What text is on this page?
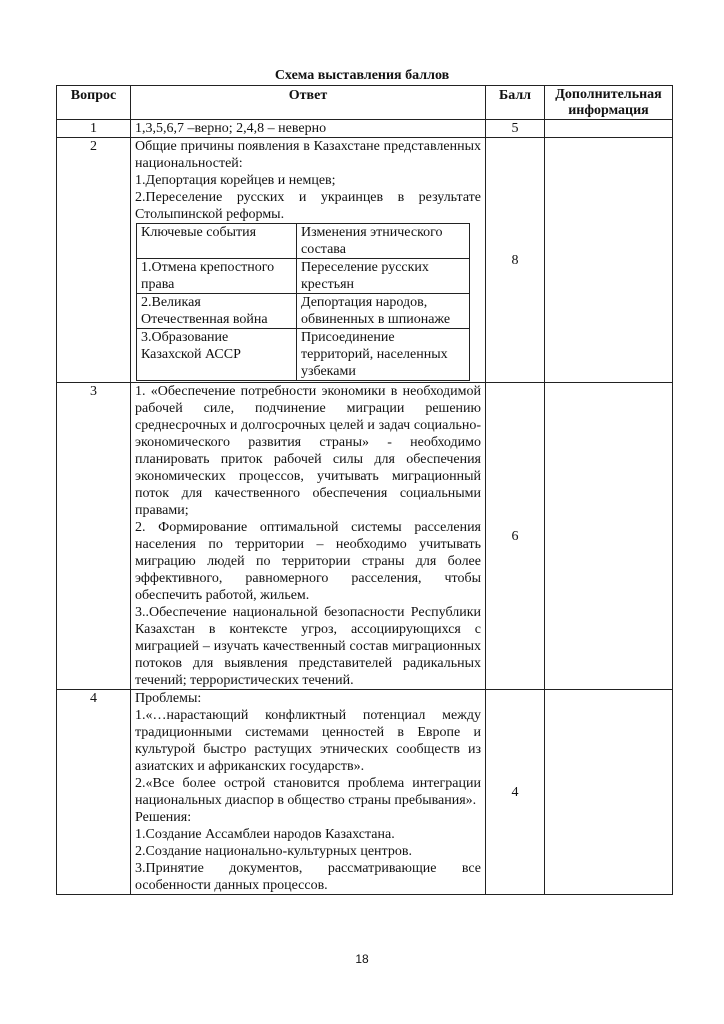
Схема выставления баллов
Вопрос	Ответ	Балл	Дополнительная информация
1	1,3,5,6,7 –верно; 2,4,8 – неверно	5	
2	Общие причины появления в Казахстане представленных национальностей:
1.Депортация корейцев и немцев;
2.Переселение русских и украинцев в результате Столыпинской реформы.
Ключевые события	Изменения этнического состава
1.Отмена крепостного права	Переселение русских крестьян
2.Великая Отечественная война	Депортация народов, обвиненных в шпионаже
3.Образование Казахской АССР	Присоединение территорий, населенных узбеками
	8	
3	1. «Обеспечение потребности экономики в необходимой рабочей силе, подчинение миграции решению среднесрочных и долгосрочных целей и задач социально-экономического развития страны» - необходимо планировать приток рабочей силы для обеспечения экономических процессов, учитывать миграционный поток для качественного обеспечения социальными правами;

2. Формирование оптимальной системы расселения населения по территории – необходимо учитывать миграцию людей по территории страны для более эффективного, равномерного расселения, чтобы обеспечить работой, жильем.

3..Обеспечение национальной безопасности Республики Казахстан в контексте угроз, ассоциирующихся с миграцией – изучать качественный состав миграционных потоков для выявления представителей радикальных течений; террористических течений.

	6	
4	Проблемы:

1.«…нарастающий конфликтный потенциал между традиционными системами ценностей в Европе и культурой быстро растущих этнических сообществ из азиатских и африканских государств».

2.«Все более острой становится проблема интеграции национальных диаспор в общество страны пребывания».

Решения:
1.Создание Ассамблеи народов Казахстана.
2.Создание национально-культурных центров.

3.Принятие документов, рассматривающие все особенности данных процессов.

	4	
18
